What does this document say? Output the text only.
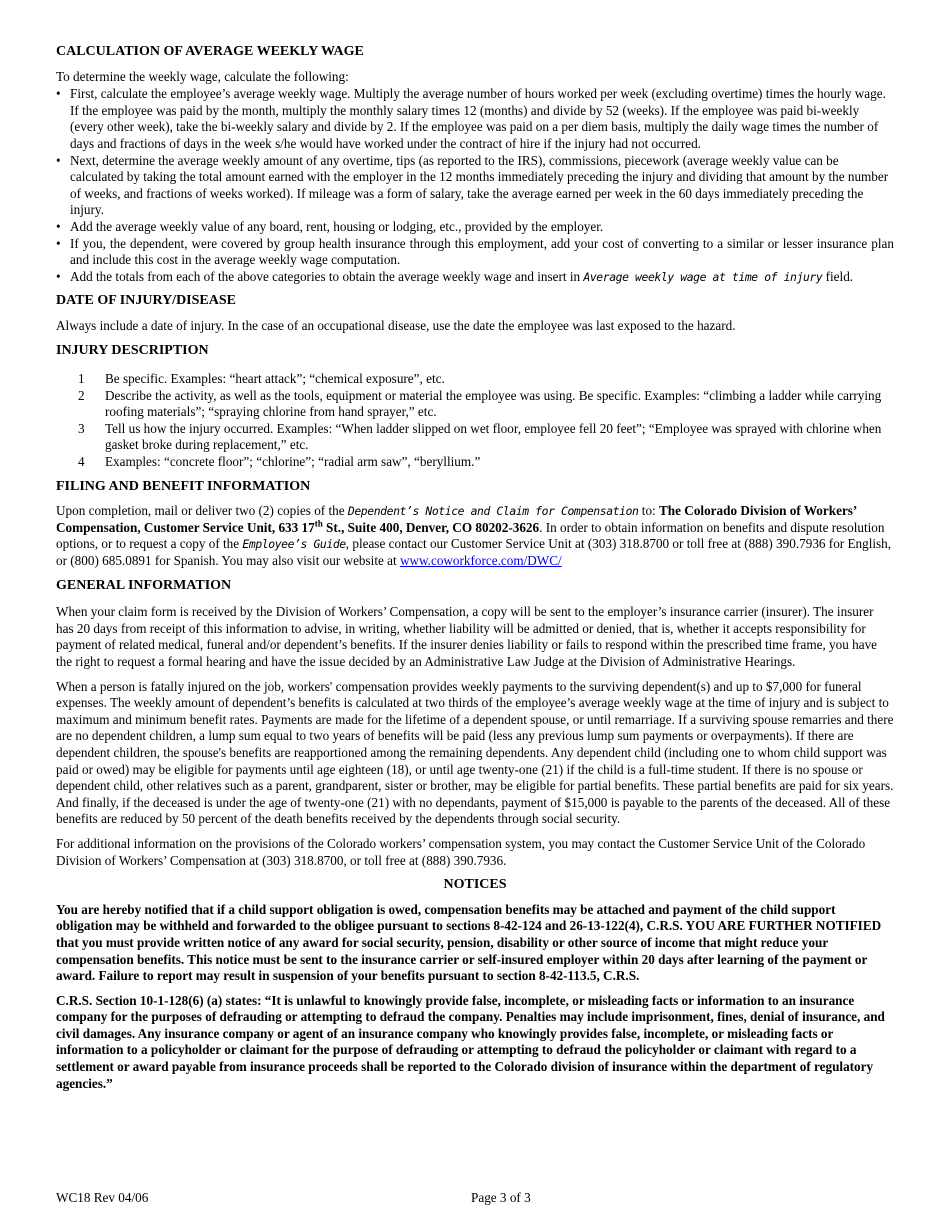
CALCULATION OF AVERAGE WEEKLY WAGE

To determine the weekly wage, calculate the following:

• First, calculate the employee’s average weekly wage. Multiply the average number of hours worked per week (excluding overtime) times the hourly wage. If the employee was paid by the month, multiply the monthly salary times 12 (months) and divide by 52 (weeks). If the employee was paid bi-weekly (every other week), take the bi-weekly salary and divide by 2. If the employee was paid on a per diem basis, multiply the daily wage times the number of days and fractions of days in the week s/he would have worked under the contract of hire if the injury had not occurred.
• Next, determine the average weekly amount of any overtime, tips (as reported to the IRS), commissions, piecework (average weekly value can be calculated by taking the total amount earned with the employer in the 12 months immediately preceding the injury and dividing that amount by the number of weeks, and fractions of weeks worked). If mileage was a form of salary, take the average earned per week in the 60 days immediately preceding the injury.
• Add the average weekly value of any board, rent, housing or lodging, etc., provided by the employer.
• If you, the dependent, were covered by group health insurance through this employment, add your cost of converting to a similar or lesser insurance plan and include this cost in the average weekly wage computation.
• Add the totals from each of the above categories to obtain the average weekly wage and insert in Average weekly wage at time of injury field.
DATE OF INJURY/DISEASE

Always include a date of injury. In the case of an occupational disease, use the date the employee was last exposed to the hazard.

INJURY DESCRIPTION
1 Be specific. Examples: “heart attack”; “chemical exposure”, etc.
2 Describe the activity, as well as the tools, equipment or material the employee was using. Be specific. Examples: “climbing a ladder while carrying roofing materials”; “spraying chlorine from hand sprayer,” etc.
3 Tell us how the injury occurred. Examples: “When ladder slipped on wet floor, employee fell 20 feet”; “Employee was sprayed with chlorine when gasket broke during replacement,” etc.
4 Examples: “concrete floor”; “chlorine”; “radial arm saw”, “beryllium.”
FILING AND BENEFIT INFORMATION

Upon completion, mail or deliver two (2) copies of the Dependent’s Notice and Claim for Compensation to: The Colorado Division of Workers’ Compensation, Customer Service Unit, 633 17th St., Suite 400, Denver, CO 80202-3626. In order to obtain information on benefits and dispute resolution options, or to request a copy of the Employee’s Guide, please contact our Customer Service Unit at (303) 318.8700 or toll free at (888) 390.7936 for English, or (800) 685.0891 for Spanish. You may also visit our website at www.coworkforce.com/DWC/

GENERAL INFORMATION

When your claim form is received by the Division of Workers’ Compensation, a copy will be sent to the employer’s insurance carrier (insurer). The insurer has 20 days from receipt of this information to advise, in writing, whether liability will be admitted or denied, that is, whether it accepts responsibility for payment of related medical, funeral and/or dependent’s benefits. If the insurer denies liability or fails to respond within the prescribed time frame, you have the right to request a formal hearing and have the issue decided by an Administrative Law Judge at the Division of Administrative Hearings.

When a person is fatally injured on the job, workers' compensation provides weekly payments to the surviving dependent(s) and up to $7,000 for funeral expenses. The weekly amount of dependent’s benefits is calculated at two thirds of the employee’s average weekly wage at the time of injury and is subject to maximum and minimum benefit rates. Payments are made for the lifetime of a dependent spouse, or until remarriage. If a surviving spouse remarries and there are no dependent children, a lump sum equal to two years of benefits will be paid (less any previous lump sum payments or overpayments). If there are dependent children, the spouse's benefits are reapportioned among the remaining dependents. Any dependent child (including one to whom child support was paid or owed) may be eligible for payments until age eighteen (18), or until age twenty-one (21) if the child is a full-time student. If there is no spouse or dependent child, other relatives such as a parent, grandparent, sister or brother, may be eligible for partial benefits. These partial benefits are paid for six years. And finally, if the deceased is under the age of twenty-one (21) with no dependants, payment of $15,000 is payable to the parents of the deceased. All of these benefits are reduced by 50 percent of the death benefits received by the dependents through social security.

For additional information on the provisions of the Colorado workers’ compensation system, you may contact the Customer Service Unit of the Colorado Division of Workers’ Compensation at (303) 318.8700, or toll free at (888) 390.7936.

NOTICES

You are hereby notified that if a child support obligation is owed, compensation benefits may be attached and payment of the child support obligation may be withheld and forwarded to the obligee pursuant to sections 8-42-124 and 26-13-122(4), C.R.S. YOU ARE FURTHER NOTIFIED that you must provide written notice of any award for social security, pension, disability or other source of income that might reduce your compensation benefits. This notice must be sent to the insurance carrier or self-insured employer within 20 days after learning of the payment or award. Failure to report may result in suspension of your benefits pursuant to section 8-42-113.5, C.R.S.

C.R.S. Section 10-1-128(6) (a) states: “It is unlawful to knowingly provide false, incomplete, or misleading facts or information to an insurance company for the purposes of defrauding or attempting to defraud the company. Penalties may include imprisonment, fines, denial of insurance, and civil damages. Any insurance company or agent of an insurance company who knowingly provides false, incomplete, or misleading facts or information to a policyholder or claimant for the purpose of defrauding or attempting to defraud the policyholder or claimant with regard to a settlement or award payable from insurance proceeds shall be reported to the Colorado division of insurance within the department of regulatory agencies.”

WC18 Rev 04/06	Page 3 of 3
